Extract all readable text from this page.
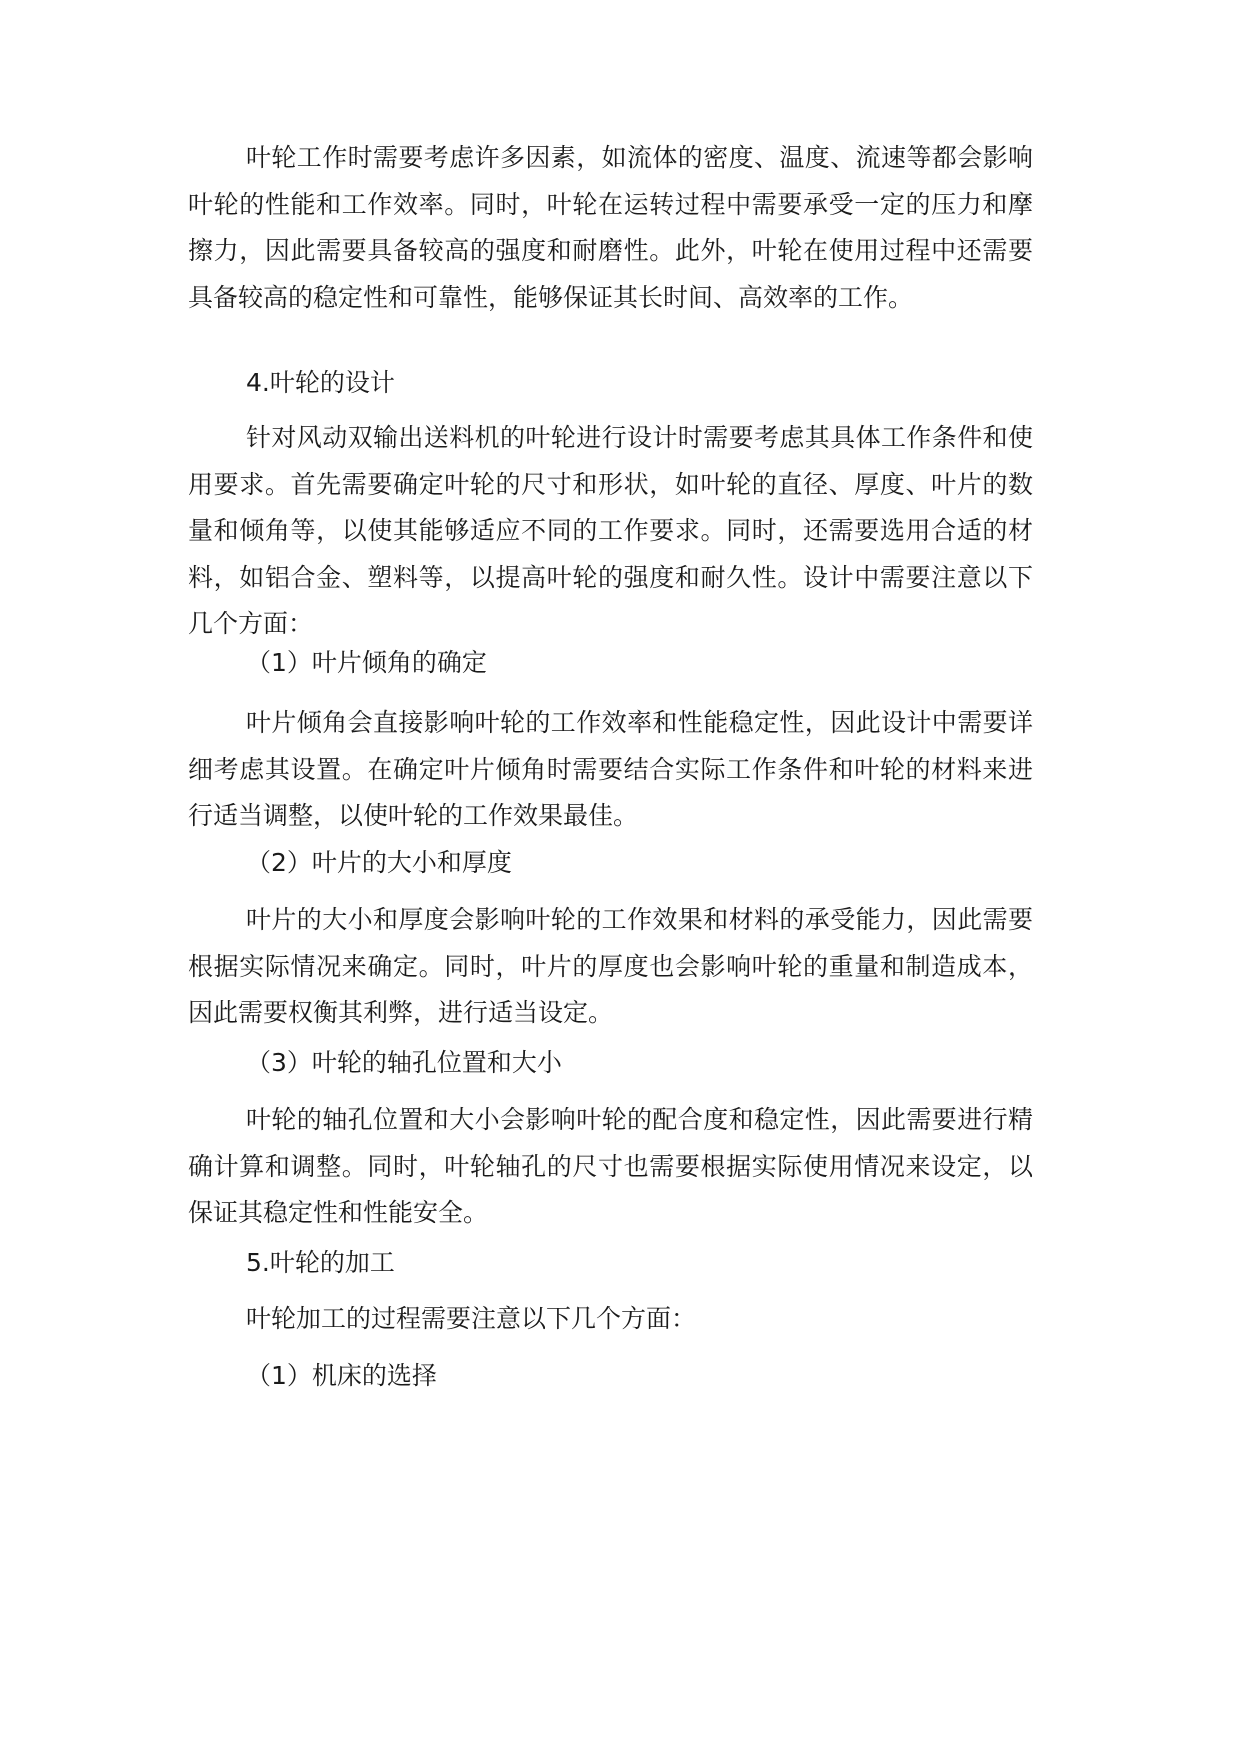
叶轮工作时需要考虑许多因素，如流体的密度、温度、流速等都会影响叶轮的性能和工作效率。同时，叶轮在运转过程中需要承受一定的压力和摩擦力，因此需要具备较高的强度和耐磨性。此外，叶轮在使用过程中还需要具备较高的稳定性和可靠性，能够保证其长时间、高效率的工作。

4.叶轮的设计

针对风动双输出送料机的叶轮进行设计时需要考虑其具体工作条件和使用要求。首先需要确定叶轮的尺寸和形状，如叶轮的直径、厚度、叶片的数量和倾角等，以使其能够适应不同的工作要求。同时，还需要选用合适的材料，如铝合金、塑料等，以提高叶轮的强度和耐久性。设计中需要注意以下几个方面：

（1）叶片倾角的确定

叶片倾角会直接影响叶轮的工作效率和性能稳定性，因此设计中需要详细考虑其设置。在确定叶片倾角时需要结合实际工作条件和叶轮的材料来进行适当调整，以使叶轮的工作效果最佳。

（2）叶片的大小和厚度

叶片的大小和厚度会影响叶轮的工作效果和材料的承受能力，因此需要根据实际情况来确定。同时，叶片的厚度也会影响叶轮的重量和制造成本，因此需要权衡其利弊，进行适当设定。

（3）叶轮的轴孔位置和大小

叶轮的轴孔位置和大小会影响叶轮的配合度和稳定性，因此需要进行精确计算和调整。同时，叶轮轴孔的尺寸也需要根据实际使用情况来设定，以保证其稳定性和性能安全。

5.叶轮的加工

叶轮加工的过程需要注意以下几个方面：

（1）机床的选择
